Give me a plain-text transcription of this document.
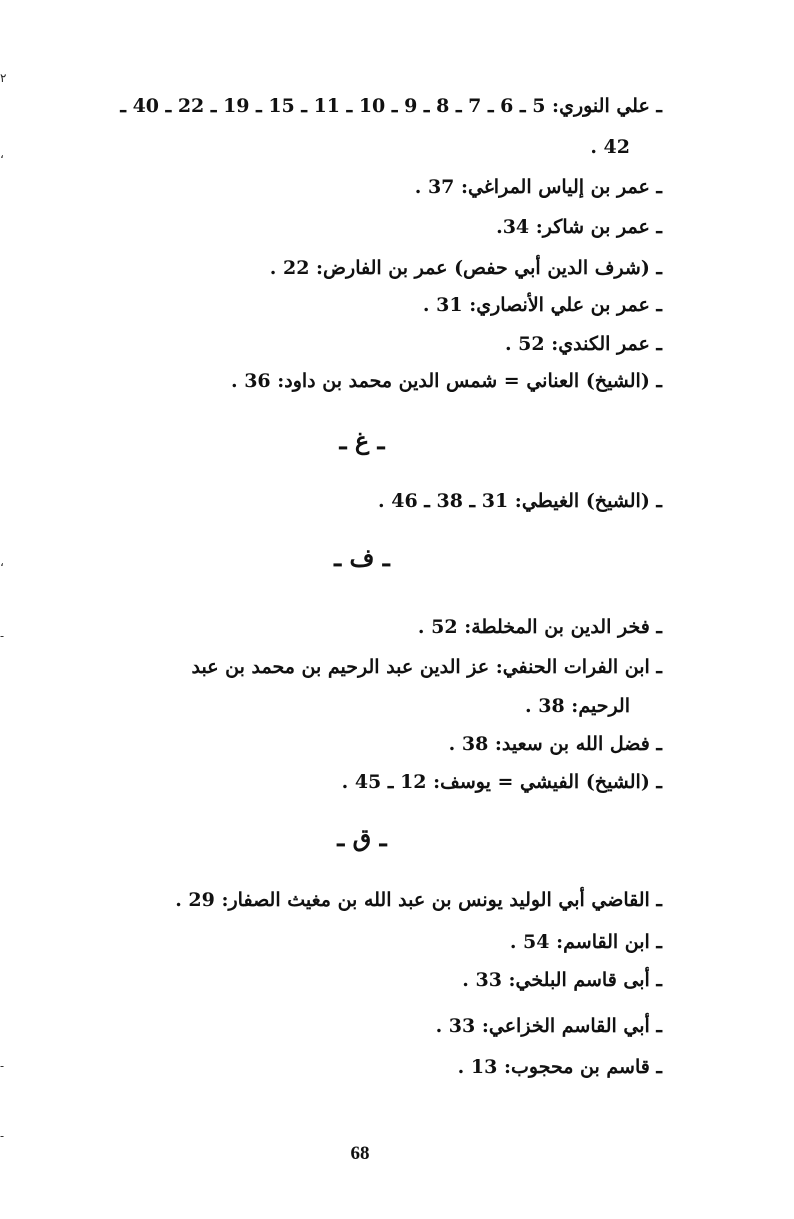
٢
،
،
-
-
-
ـ علي النوري: 5 ـ 6 ـ 7 ـ 8 ـ 9 ـ 10 ـ 11 ـ 15 ـ 19 ـ 22 ـ 40 ـ
42 .
ـ عمر بن إلياس المراغي: 37 .
ـ عمر بن شاكر: 34.
ـ (شرف الدين أبي حفص) عمر بن الفارض: 22 .
ـ عمر بن علي الأنصاري: 31 .
ـ عمر الكندي: 52 .
ـ (الشيخ) العناني = شمس الدين محمد بن داود: 36 .
ـ غ ـ
ـ (الشيخ) الغيطي: 31 ـ 38 ـ 46 .
ـ ف ـ
ـ فخر الدين بن المخلطة: 52 .
ـ ابن الفرات الحنفي: عز الدين عبد الرحيم بن محمد بن عبد
الرحيم: 38 .
ـ فضل الله بن سعيد: 38 .
ـ (الشيخ) الفيشي = يوسف: 12 ـ 45 .
ـ ق ـ
ـ القاضي أبي الوليد يونس بن عبد الله بن مغيث الصفار: 29 .
ـ ابن القاسم: 54 .
ـ أبى قاسم البلخي: 33 .
ـ أبي القاسم الخزاعي: 33 .
ـ قاسم بن محجوب: 13 .
68
